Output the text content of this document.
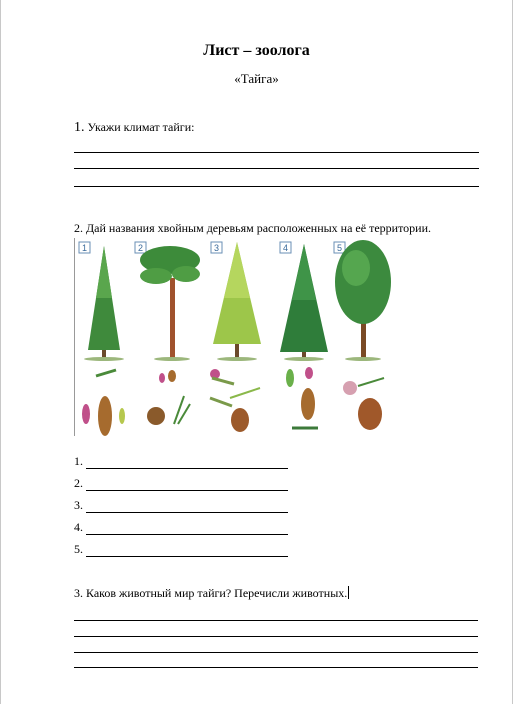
Лист – зоолога
«Тайга»
1. Укажи климат тайги:
2. Дай названия хвойным деревьям расположенных на её территории.
1	2	3	4	5
1.
2.
3.
4.
5.
3. Каков животный мир тайги? Перечисли животных.
